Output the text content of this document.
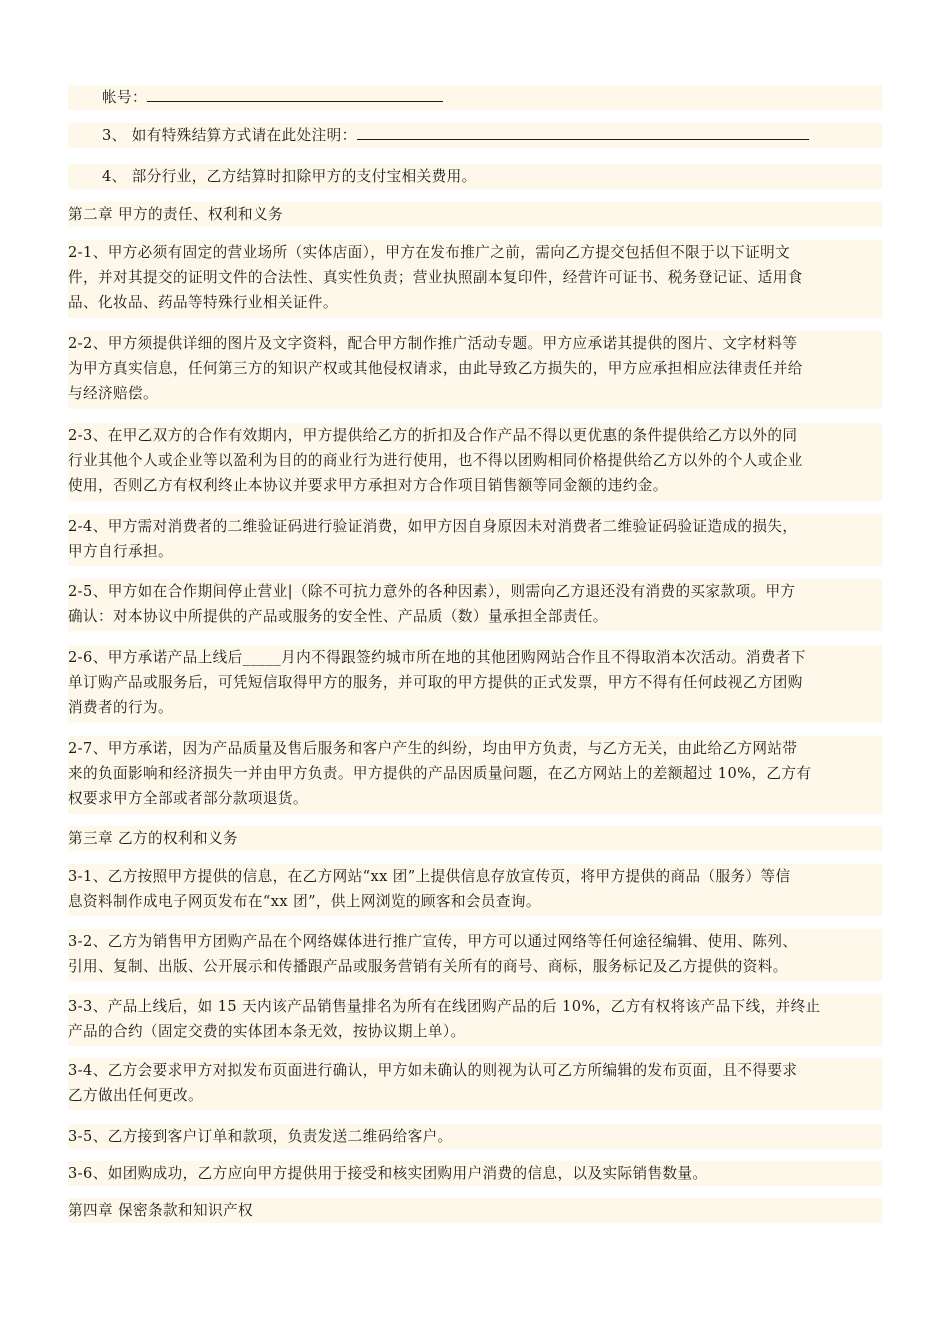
帐号：
3、 如有特殊结算方式请在此处注明：
4、 部分行业，乙方结算时扣除甲方的支付宝相关费用。
第二章 甲方的责任、权利和义务
2-1、甲方必须有固定的营业场所（实体店面），甲方在发布推广之前，需向乙方提交包括但不限于以下证明文
件，并对其提交的证明文件的合法性、真实性负责；营业执照副本复印件，经营许可证书、税务登记证、适用食
品、化妆品、药品等特殊行业相关证件。
2-2、甲方须提供详细的图片及文字资料，配合甲方制作推广活动专题。甲方应承诺其提供的图片、文字材料等
为甲方真实信息，任何第三方的知识产权或其他侵权请求，由此导致乙方损失的，甲方应承担相应法律责任并给
与经济赔偿。
2-3、在甲乙双方的合作有效期内，甲方提供给乙方的折扣及合作产品不得以更优惠的条件提供给乙方以外的同
行业其他个人或企业等以盈利为目的的商业行为进行使用，也不得以团购相同价格提供给乙方以外的个人或企业
使用，否则乙方有权利终止本协议并要求甲方承担对方合作项目销售额等同金额的违约金。
2-4、甲方需对消费者的二维验证码进行验证消费，如甲方因自身原因未对消费者二维验证码验证造成的损失，
甲方自行承担。
2-5、甲方如在合作期间停止营业|（除不可抗力意外的各种因素），则需向乙方退还没有消费的买家款项。甲方
确认：对本协议中所提供的产品或服务的安全性、产品质（数）量承担全部责任。
2-6、甲方承诺产品上线后_____月内不得跟签约城市所在地的其他团购网站合作且不得取消本次活动。消费者下
单订购产品或服务后，可凭短信取得甲方的服务，并可取的甲方提供的正式发票，甲方不得有任何歧视乙方团购
消费者的行为。
2-7、甲方承诺，因为产品质量及售后服务和客户产生的纠纷，均由甲方负责，与乙方无关，由此给乙方网站带
来的负面影响和经济损失一并由甲方负责。甲方提供的产品因质量问题，在乙方网站上的差额超过 10%，乙方有
权要求甲方全部或者部分款项退货。
第三章 乙方的权利和义务
3-1、乙方按照甲方提供的信息，在乙方网站“xx 团”上提供信息存放宣传页，将甲方提供的商品（服务）等信
息资料制作成电子网页发布在“xx 团”，供上网浏览的顾客和会员查询。
3-2、乙方为销售甲方团购产品在个网络媒体进行推广宣传，甲方可以通过网络等任何途径编辑、使用、陈列、
引用、复制、出版、公开展示和传播跟产品或服务营销有关所有的商号、商标，服务标记及乙方提供的资料。
3-3、产品上线后，如 15 天内该产品销售量排名为所有在线团购产品的后 10%，乙方有权将该产品下线，并终止
产品的合约（固定交费的实体团本条无效，按协议期上单）。
3-4、乙方会要求甲方对拟发布页面进行确认，甲方如未确认的则视为认可乙方所编辑的发布页面，且不得要求
乙方做出任何更改。
3-5、乙方接到客户订单和款项，负责发送二维码给客户。
3-6、如团购成功，乙方应向甲方提供用于接受和核实团购用户消费的信息，以及实际销售数量。
第四章 保密条款和知识产权
